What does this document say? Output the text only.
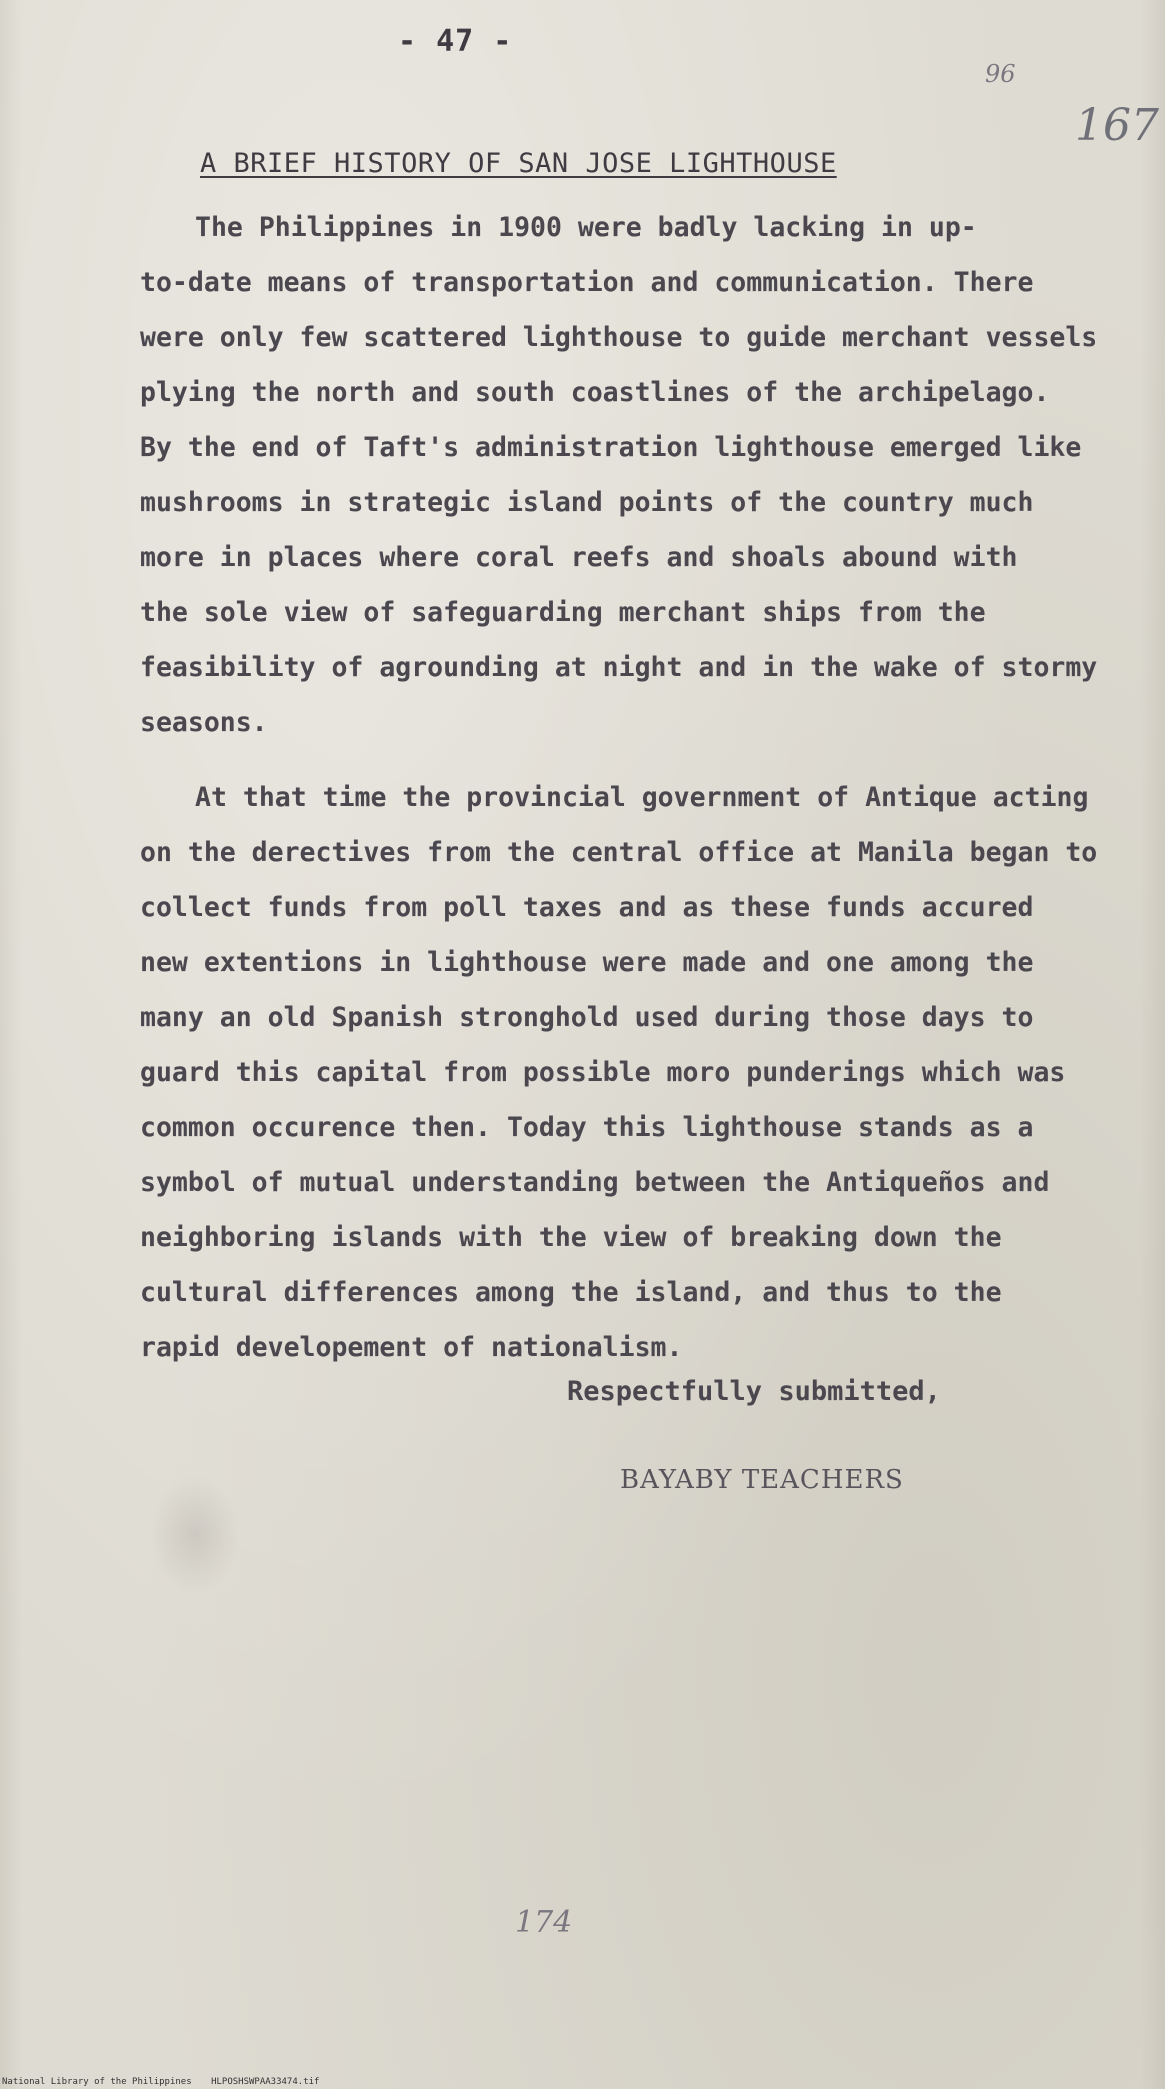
- 47 -
96
167
A BRIEF HISTORY OF SAN JOSE LIGHTHOUSE
The Philippines in 1900 were badly lacking in up-
to-date means of transportation and communication. There
were only few scattered lighthouse to guide merchant vessels
plying the north and south coastlines of the archipelago.
By the end of Taft's administration lighthouse emerged like
mushrooms in strategic island points of the country much
more in places where coral reefs and shoals abound with
the sole view of safeguarding merchant ships from the
feasibility of agrounding at night and in the wake of stormy
seasons.
At that time the provincial government of Antique acting
on the derectives from the central office at Manila began to
collect funds from poll taxes and as these funds accured
new extentions in lighthouse were made and one among the
many an old Spanish stronghold used during those days to
guard this capital from possible moro punderings which was
common occurence then. Today this lighthouse stands as a
symbol of mutual understanding between the Antiqueños and
neighboring islands with the view of breaking down the
cultural differences among the island, and thus to the
rapid developement of nationalism.
Respectfully submitted,
BAYABY TEACHERS
174
National Library of the Philippines HLPOSHSWPAA33474.tif
